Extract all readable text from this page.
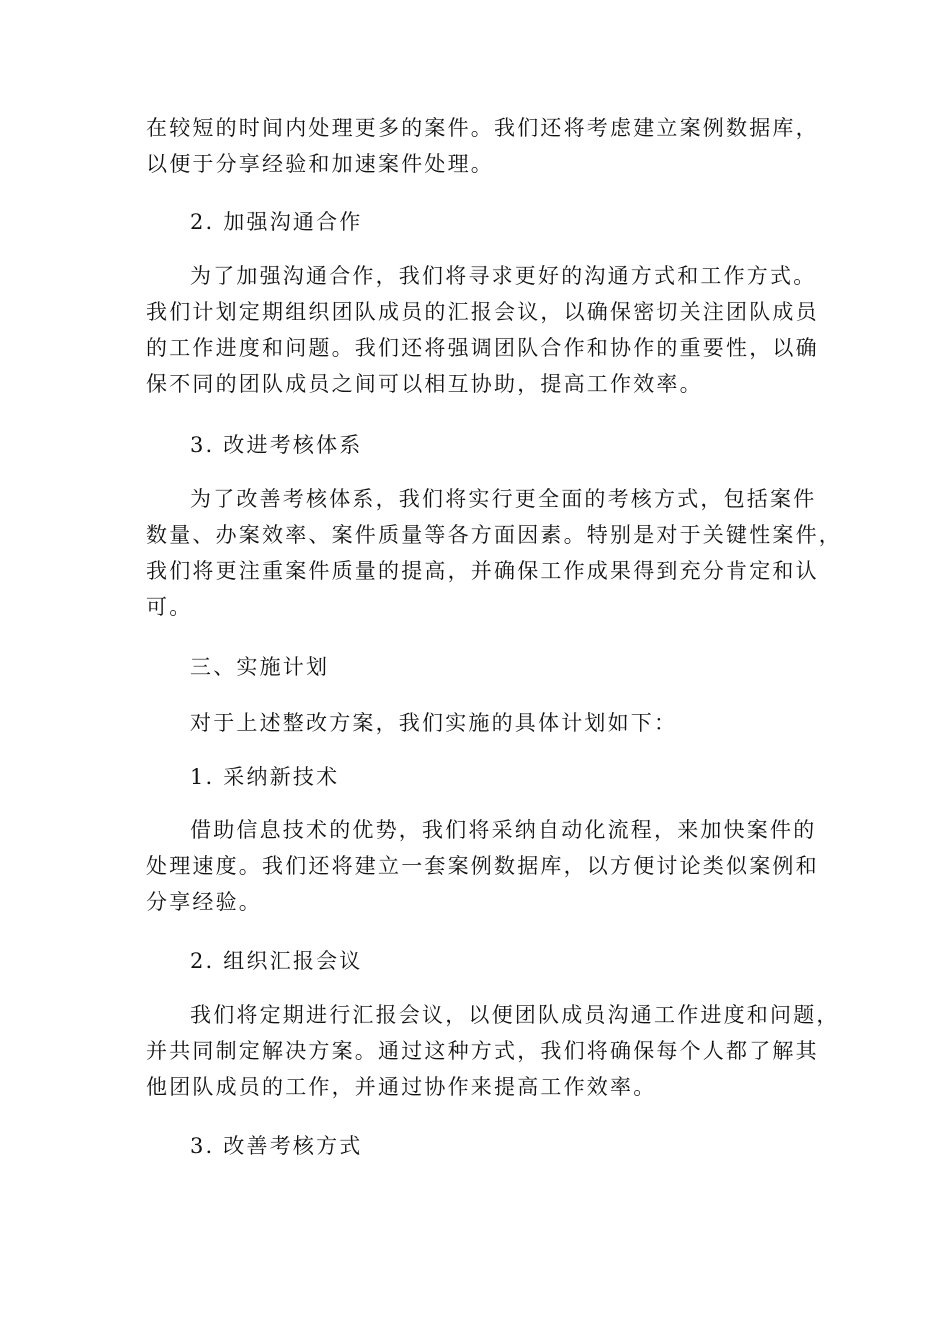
在较短的时间内处理更多的案件。我们还将考虑建立案例数据库，
以便于分享经验和加速案件处理。
2. 加强沟通合作
为了加强沟通合作，我们将寻求更好的沟通方式和工作方式。
我们计划定期组织团队成员的汇报会议，以确保密切关注团队成员
的工作进度和问题。我们还将强调团队合作和协作的重要性，以确
保不同的团队成员之间可以相互协助，提高工作效率。
3. 改进考核体系
为了改善考核体系，我们将实行更全面的考核方式，包括案件
数量、办案效率、案件质量等各方面因素。特别是对于关键性案件，
我们将更注重案件质量的提高，并确保工作成果得到充分肯定和认
可。
三、实施计划
对于上述整改方案，我们实施的具体计划如下：
1. 采纳新技术
借助信息技术的优势，我们将采纳自动化流程，来加快案件的
处理速度。我们还将建立一套案例数据库，以方便讨论类似案例和
分享经验。
2. 组织汇报会议
我们将定期进行汇报会议，以便团队成员沟通工作进度和问题，
并共同制定解决方案。通过这种方式，我们将确保每个人都了解其
他团队成员的工作，并通过协作来提高工作效率。
3. 改善考核方式
